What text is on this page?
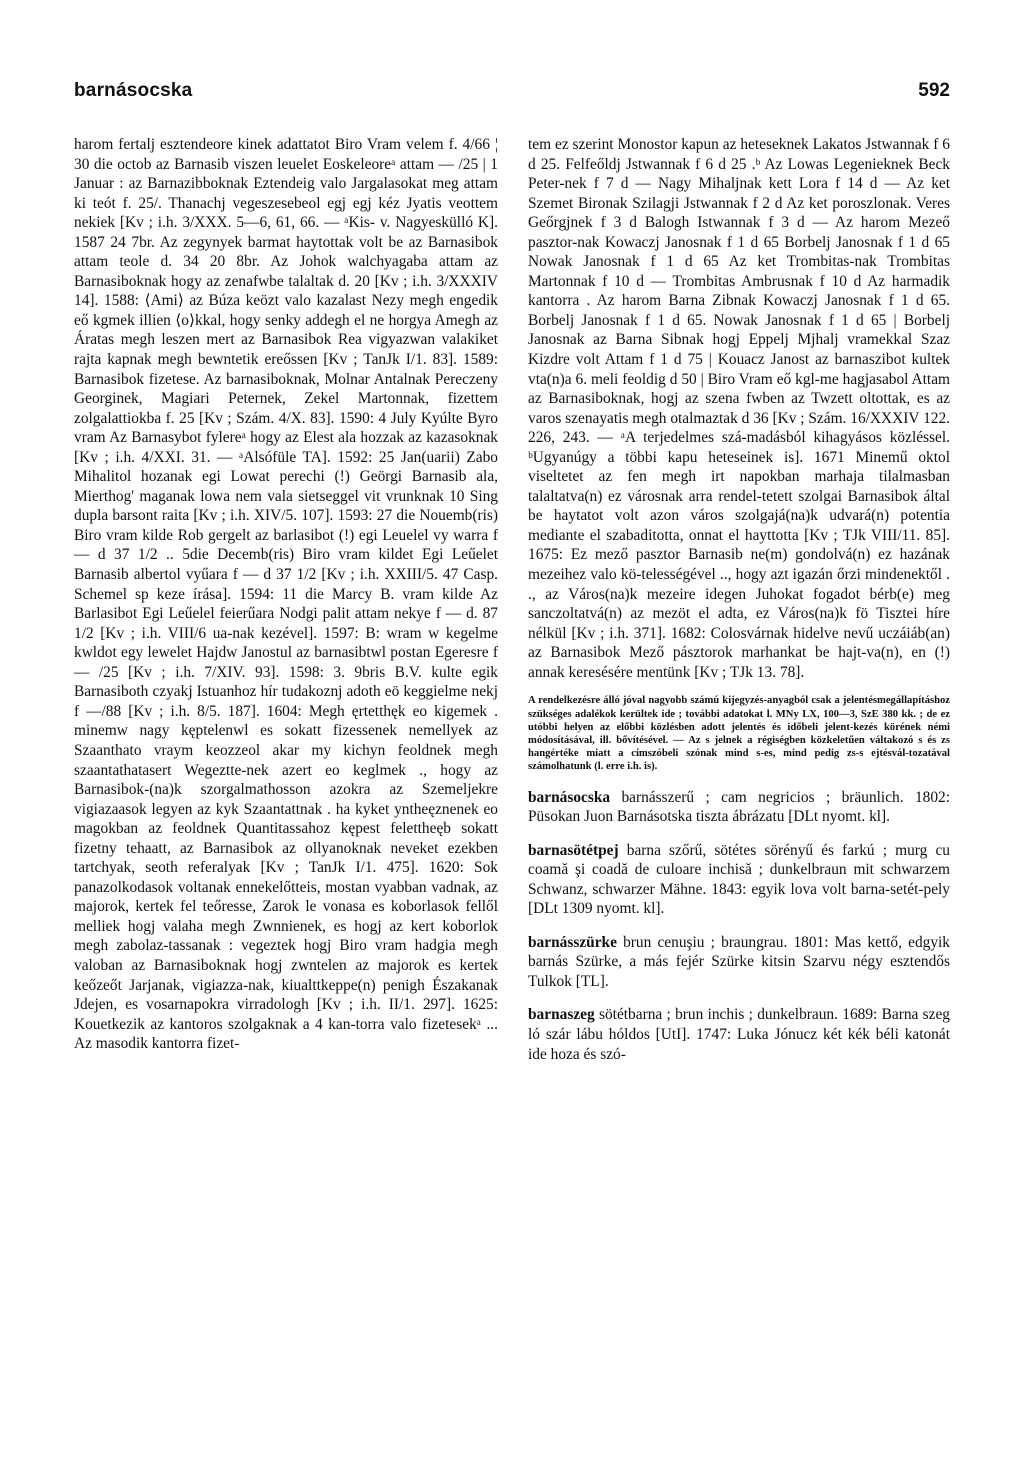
barnásocska	592

harom fertalj esztendeore kinek adattatot Biro Vram velem f. 4/66 ¦ 30 die octob az Barnasib viszen leuelet Eoskeleoreᵃ attam — /25 | 1 Januar : az Barnazibboknak Eztendeig valo Jargalasokat meg attam ki teót f. 25/. Thanachj vegeszesebeol egj egj kéz Jyatis veottem nekiek [Kv ; i.h. 3/XXX. 5—6, 61, 66. — ᵃKis- v. Nagyeskülló K]. 1587 24 7br. Az zegynyek barmat haytottak volt be az Barnasibok attam teole d. 34 20 8br. Az Johok walchyagaba attam az Barnasiboknak hogy az zenafwbe talaltak d. 20 [Kv ; i.h. 3/XXXIV 14]. 1588: ⟨Ami⟩ az Búza keözt valo kazalast Nezy megh engedik eő kgmek illien ⟨o⟩kkal, hogy senky addegh el ne horgya Amegh az Áratas megh leszen mert az Barnasibok Rea vigyazwan valakiket rajta kapnak megh bewntetik ereőssen [Kv ; TanJk I/1. 83]. 1589: Barnasibok fizetese. Az barnasiboknak, Molnar Antalnak Pereczeny Georginek, Magiari Peternek, Zekel Martonnak, fizettem zolgalattiokba f. 25 [Kv ; Szám. 4/X. 83]. 1590: 4 July Kyúlte Byro vram Az Barnasybot fylereᵃ hogy az Elest ala hozzak az kazasoknak [Kv ; i.h. 4/XXI. 31. — ᵃAlsófüle TA]. 1592: 25 Jan(uarii) Zabo Mihalitol hozanak egi Lowat perechi (!) Geörgi Barnasib ala, Mierthog' maganak lowa nem vala sietseggel vit vrunknak 10 Sing dupla barsont raita [Kv ; i.h. XIV/5. 107]. 1593: 27 die Nouemb(ris) Biro vram kilde Rob gergelt az barlasibot (!) egi Leuelel vy warra f — d 37 1/2 .. 5die Decemb(ris) Biro vram kildet Egi Leűelet Barnasib albertol vyűara f — d 37 1/2 [Kv ; i.h. XXIII/5. 47 Casp. Schemel sp keze írása]. 1594: 11 die Marcy B. vram kilde Az Barlasibot Egi Leűelel feierűara Nodgi palit attam nekye f — d. 87 1/2 [Kv ; i.h. VIII/6 ua-nak kezével]. 1597: B: wram w kegelme kwldot egy lewelet Hajdw Janostul az barnasibtwl postan Egeresre f — /25 [Kv ; i.h. 7/XIV. 93]. 1598: 3. 9bris B.V. kulte egik Barnasiboth czyakj Istuanhoz hír tudakoznj adoth eö keggielme nekj f —/88 [Kv ; i.h. 8/5. 187]. 1604: Megh ęrtetthęk eo kigemek . minemw nagy kęptelenwl es sokatt fizessenek nemellyek az Szaanthato vraym keozzeol akar my kichyn feoldnek megh szaantathatasert Wegeztte-nek azert eo keglmek ., hogy az Barnasibok-(na)k szorgalmathosson azokra az Szemeljekre vigiazaasok legyen az kyk Szaantattnak . ha kyket yntheęznenek eo magokban az feoldnek Quantitassahoz kępest felettheęb sokatt fizetny tehaatt, az Barnasibok az ollyanoknak neveket ezekben tartchyak, seoth referalyak [Kv ; TanJk I/1. 475]. 1620: Sok panazolkodasok voltanak ennekelőtteis, mostan vyabban vadnak, az majorok, kertek fel teőresse, Zarok le vonasa es koborlasok fellől melliek hogj valaha megh Zwnnienek, es hogj az kert koborlok megh zabolaz-tassanak : vegeztek hogj Biro vram hadgia megh valoban az Barnasiboknak hogj zwntelen az majorok es kertek keőzeőt Jarjanak, vigiazza-nak, kiualttkeppe(n) penigh Északanak Jdejen, es vosarnapokra virradologh [Kv ; i.h. II/1. 297]. 1625: Kouetkezik az kantoros szolgaknak a 4 kan-torra valo fizetesekᵃ ... Az masodik kantorra fizet-

tem ez szerint Monostor kapun az heteseknek Lakatos Jstwannak f 6 d 25. Felfeőldj Jstwannak f 6 d 25 .ᵇ Az Lowas Legenieknek Beck Peter-nek f 7 d — Nagy Mihaljnak kett Lora f 14 d — Az ket Szemet Bironak Szilagji Jstwannak f 2 d Az ket poroszlonak. Veres Geőrgjnek f 3 d Balogh Istwannak f 3 d — Az harom Mezeő pasztor-nak Kowaczj Janosnak f 1 d 65 Borbelj Janosnak f 1 d 65 Nowak Janosnak f 1 d 65 Az ket Trombitas-nak Trombitas Martonnak f 10 d — Trombitas Ambrusnak f 10 d Az harmadik kantorra . Az harom Barna Zibnak Kowaczj Janosnak f 1 d 65. Borbelj Janosnak f 1 d 65. Nowak Janosnak f 1 d 65 | Borbelj Janosnak az Barna Sibnak hogj Eppelj Mjhalj vramekkal Szaz Kizdre volt Attam f 1 d 75 | Kouacz Janost az barnaszibot kultek vta(n)a 6. meli feoldig d 50 | Biro Vram eő kgl-me hagjasabol Attam az Barnasiboknak, hogj az szena fwben az Twzett oltottak, es az varos szenayatis megh otalmaztak d 36 [Kv ; Szám. 16/XXXIV 122. 226, 243. — ᵃA terjedelmes szá-madásból kihagyásos közléssel. ᵇUgyanúgy a többi kapu heteseinek is]. 1671 Minemű oktol viseltetet az fen megh irt napokban marhaja tilalmasban talaltatva(n) ez városnak arra rendel-tetett szolgai Barnasibok által be haytatot volt azon város szolgajá(na)k udvará(n) potentia mediante el szabaditotta, onnat el hayttotta [Kv ; TJk VIII/11. 85]. 1675: Ez mező pasztor Barnasib ne(m) gondolvá(n) ez hazának mezeihez valo kö-telességével .., hogy azt igazán őrzi mindenektől . ., az Város(na)k mezeire idegen Juhokat fogadot bérb(e) meg sanczoltatvá(n) az mezöt el adta, ez Város(na)k fö Tisztei híre nélkül [Kv ; i.h. 371]. 1682: Colosvárnak hidelve nevű uczáiáb(an) az Barnasibok Mező pásztorok marhankat be hajt-va(n), en (!) annak keresésére mentünk [Kv ; TJk 13. 78].

A rendelkezésre álló jóval nagyobb számú kijegyzés-anyagból csak a jelentésmegállapításhoz szükséges adalékok kerültek ide ; további adatokat l. MNy LX, 100—3, SzE 380 kk. ; de ez utóbbi helyen az előbbi közlésben adott jelentés és időbeli jelent-kezés körének némi módosításával, ill. bővítésével. — Az s jelnek a régiségben közkeletűen váltakozó s és zs hangértéke miatt a címszóbeli szónak mind s-es, mind pedig zs-s ejtésvál-tozatával számolhatunk (l. erre i.h. is).

barnásocska barnásszerű ; cam negricios ; bräunlich. 1802: Püsokan Juon Barnásotska tiszta ábrázatu [DLt nyomt. kl].

barnasötétpej barna szőrű, sötétes sörényű és farkú ; murg cu coamă şi coadă de culoare inchisă ; dunkelbraun mit schwarzem Schwanz, schwarzer Mähne. 1843: egyik lova volt barna-setét-pely [DLt 1309 nyomt. kl].

barnásszürke brun cenuşiu ; braungrau. 1801: Mas kettő, edgyik barnás Szürke, a más fejér Szürke kitsin Szarvu négy esztendős Tulkok [TL].

barnaszeg sötétbarna ; brun inchis ; dunkelbraun. 1689: Barna szeg ló szár lábu hóldos [UtI]. 1747: Luka Jónucz két kék béli katonát ide hoza és szó-
